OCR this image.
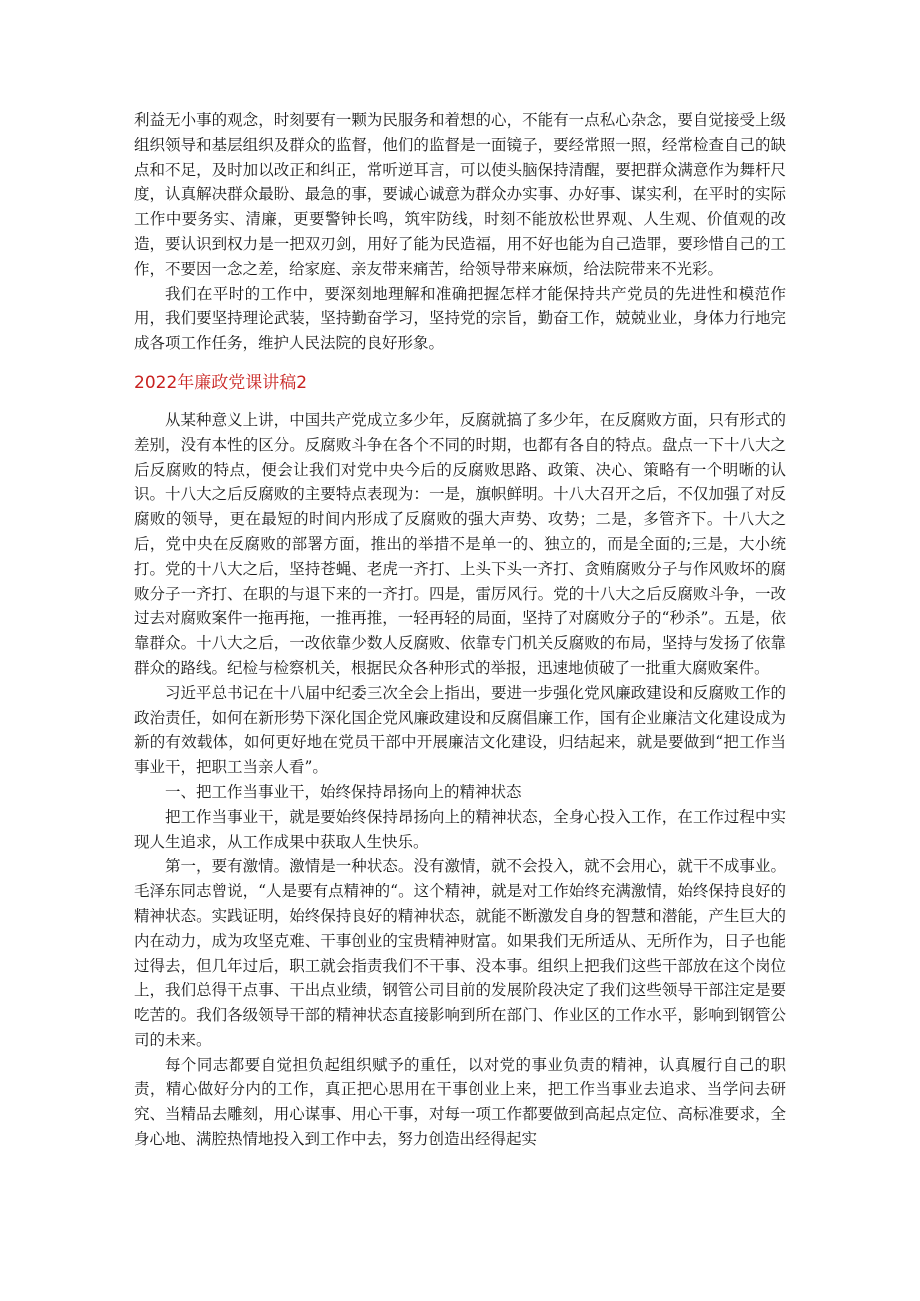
利益无小事的观念，时刻要有一颗为民服务和着想的心，不能有一点私心杂念，要自觉接受上级组织领导和基层组织及群众的监督，他们的监督是一面镜子，要经常照一照，经常检查自己的缺点和不足，及时加以改正和纠正，常听逆耳言，可以使头脑保持清醒，要把群众满意作为舞杆尺度，认真解决群众最盼、最急的事，要诚心诚意为群众办实事、办好事、谋实利，在平时的实际工作中要务实、清廉，更要警钟长鸣，筑牢防线，时刻不能放松世界观、人生观、价值观的改造，要认识到权力是一把双刃剑，用好了能为民造福，用不好也能为自己造罪，要珍惜自己的工作，不要因一念之差，给家庭、亲友带来痛苦，给领导带来麻烦，给法院带来不光彩。

我们在平时的工作中，要深刻地理解和准确把握怎样才能保持共产党员的先进性和模范作用，我们要坚持理论武装，坚持勤奋学习，坚持党的宗旨，勤奋工作，兢兢业业，身体力行地完成各项工作任务，维护人民法院的良好形象。

2022年廉政党课讲稿2

从某种意义上讲，中国共产党成立多少年，反腐就搞了多少年，在反腐败方面，只有形式的差别，没有本性的区分。反腐败斗争在各个不同的时期，也都有各自的特点。盘点一下十八大之后反腐败的特点，便会让我们对党中央今后的反腐败思路、政策、决心、策略有一个明晰的认识。十八大之后反腐败的主要特点表现为：一是，旗帜鲜明。十八大召开之后，不仅加强了对反腐败的领导，更在最短的时间内形成了反腐败的强大声势、攻势；二是，多管齐下。十八大之后，党中央在反腐败的部署方面，推出的举措不是单一的、独立的，而是全面的;三是，大小统打。党的十八大之后，坚持苍蝇、老虎一齐打、上头下头一齐打、贪贿腐败分子与作风败坏的腐败分子一齐打、在职的与退下来的一齐打。四是，雷厉风行。党的十八大之后反腐败斗争，一改过去对腐败案件一拖再拖，一推再推，一轻再轻的局面，坚持了对腐败分子的“秒杀”。五是，依靠群众。十八大之后，一改依靠少数人反腐败、依靠专门机关反腐败的布局，坚持与发扬了依靠群众的路线。纪检与检察机关，根据民众各种形式的举报，迅速地侦破了一批重大腐败案件。

习近平总书记在十八届中纪委三次全会上指出，要进一步强化党风廉政建设和反腐败工作的政治责任，如何在新形势下深化国企党风廉政建设和反腐倡廉工作，国有企业廉洁文化建设成为新的有效载体，如何更好地在党员干部中开展廉洁文化建设，归结起来，就是要做到“把工作当事业干，把职工当亲人看”。

一、把工作当事业干，始终保持昂扬向上的精神状态

把工作当事业干，就是要始终保持昂扬向上的精神状态，全身心投入工作，在工作过程中实现人生追求，从工作成果中获取人生快乐。

第一，要有激情。激情是一种状态。没有激情，就不会投入，就不会用心，就干不成事业。毛泽东同志曾说，“人是要有点精神的“。这个精神，就是对工作始终充满激情，始终保持良好的精神状态。实践证明，始终保持良好的精神状态，就能不断激发自身的智慧和潜能，产生巨大的内在动力，成为攻坚克难、干事创业的宝贵精神财富。如果我们无所适从、无所作为，日子也能过得去，但几年过后，职工就会指责我们不干事、没本事。组织上把我们这些干部放在这个岗位上，我们总得干点事、干出点业绩，钢管公司目前的发展阶段决定了我们这些领导干部注定是要吃苦的。我们各级领导干部的精神状态直接影响到所在部门、作业区的工作水平，影响到钢管公司的未来。

每个同志都要自觉担负起组织赋予的重任，以对党的事业负责的精神，认真履行自己的职责，精心做好分内的工作，真正把心思用在干事创业上来，把工作当事业去追求、当学问去研究、当精品去雕刻，用心谋事、用心干事，对每一项工作都要做到高起点定位、高标准要求，全身心地、满腔热情地投入到工作中去，努力创造出经得起实
